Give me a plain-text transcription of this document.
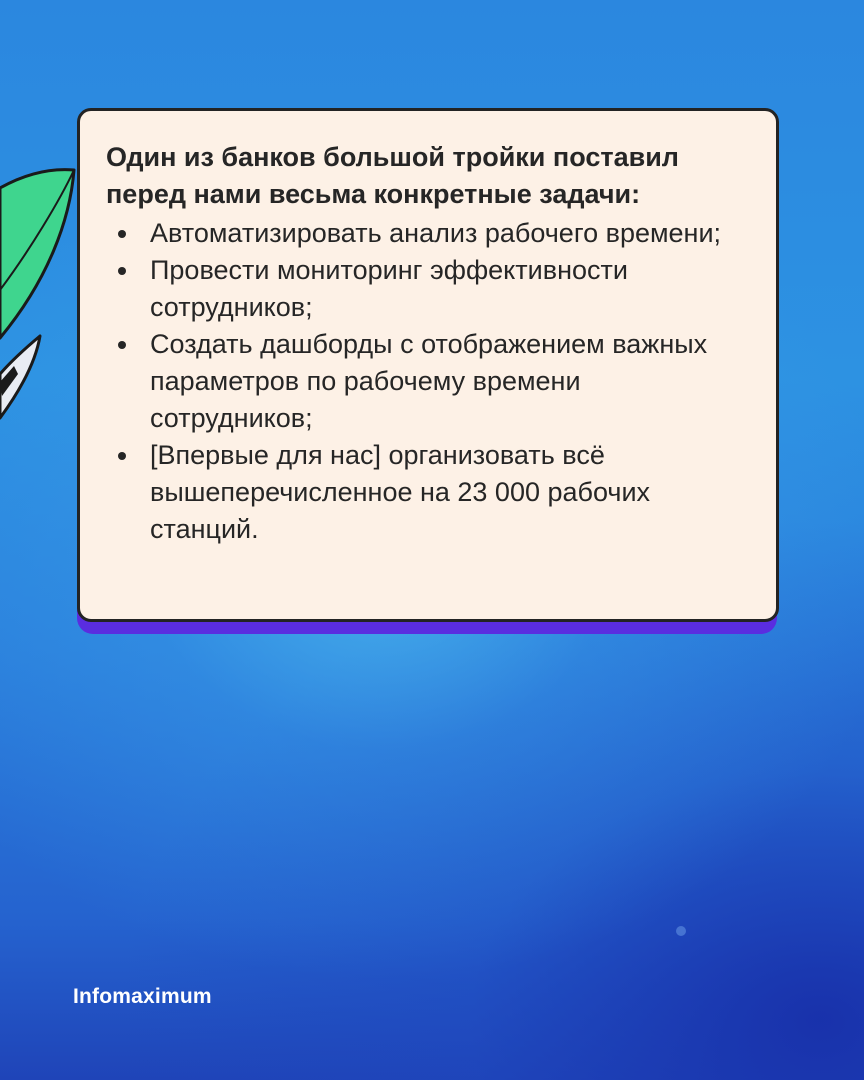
Один из банков большой тройки поставил перед нами весьма конкретные задачи:
Автоматизировать анализ рабочего времени;
Провести мониторинг эффективности сотрудников;
Создать дашборды с отображением важных параметров по рабочему времени сотрудников;
[Впервые для нас] организовать всё вышеперечисленное на 23 000 рабочих станций.
Infomaximum
